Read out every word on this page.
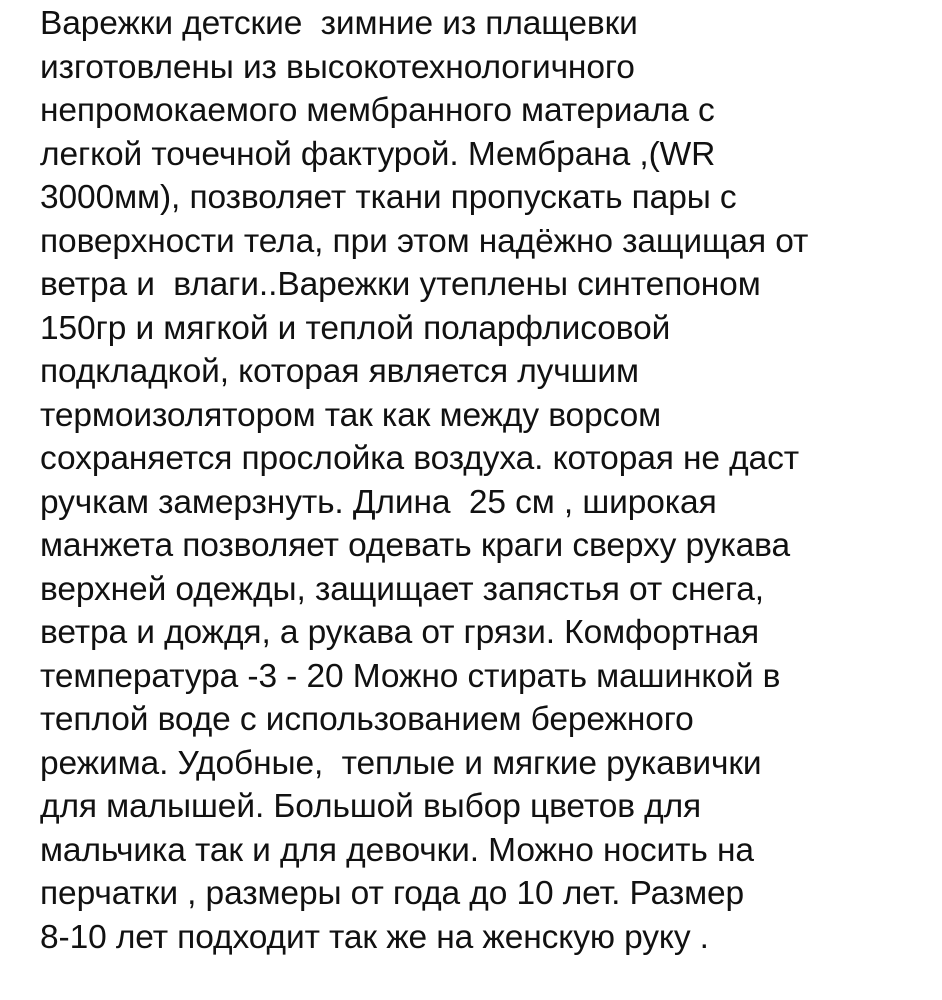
Варежки детские  зимние из плащевки
изготовлены из высокотехнологичного
непромокаемого мембранного материала с
легкой точечной фактурой. Мембрана ,(WR
3000мм), позволяет ткани пропускать пары с
поверхности тела, при этом надёжно защищая от
ветра и  влаги..Варежки утеплены синтепоном
150гр и мягкой и теплой поларфлисовой
подкладкой, которая является лучшим
термоизолятором так как между ворсом
сохраняется прослойка воздуха. которая не даст
ручкам замерзнуть. Длина  25 см , широкая
манжета позволяет одевать краги сверху рукава
верхней одежды, защищает запястья от снега,
ветра и дождя, а рукава от грязи. Комфортная
температура -3 - 20 Можно стирать машинкой в
теплой воде с использованием бережного
режима. Удобные,  теплые и мягкие рукавички
для малышей. Большой выбор цветов для
мальчика так и для девочки. Можно носить на
перчатки , размеры от года до 10 лет. Размер
8-10 лет подходит так же на женскую руку .
